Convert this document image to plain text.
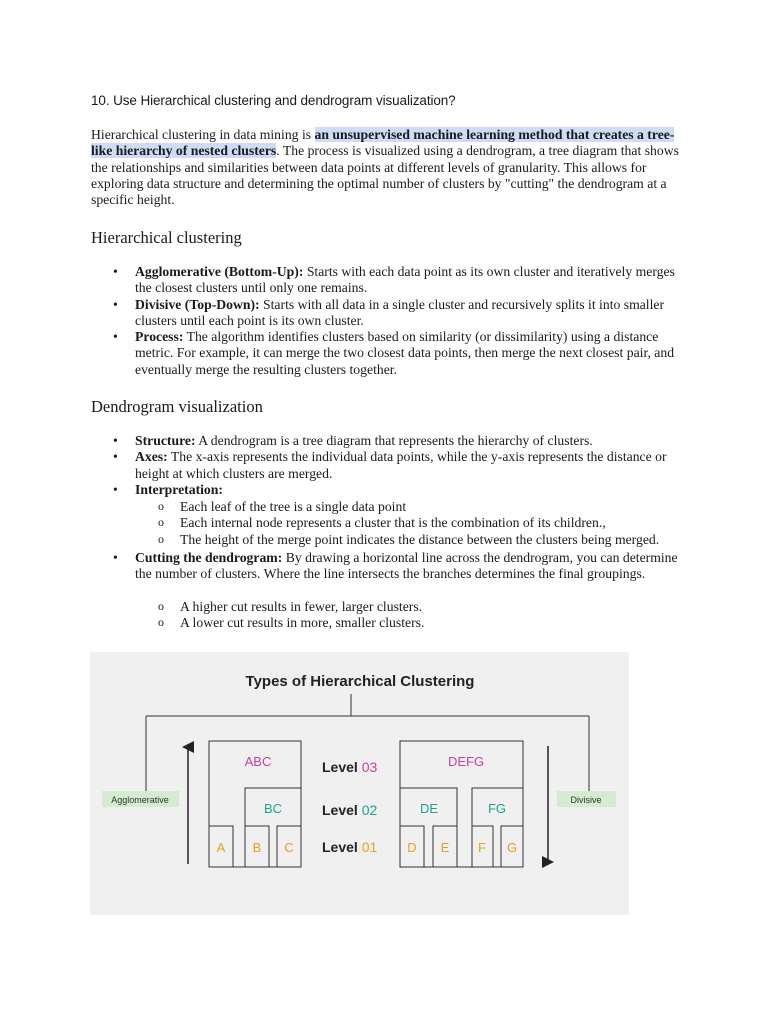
10. Use Hierarchical clustering and dendrogram visualization?
Hierarchical clustering in data mining is an unsupervised machine learning method that creates a tree-like hierarchy of nested clusters. The process is visualized using a dendrogram, a tree diagram that shows the relationships and similarities between data points at different levels of granularity. This allows for exploring data structure and determining the optimal number of clusters by "cutting" the dendrogram at a specific height.
Hierarchical clustering
• Agglomerative (Bottom-Up): Starts with each data point as its own cluster and iteratively merges the closest clusters until only one remains.
• Divisive (Top-Down): Starts with all data in a single cluster and recursively splits it into smaller clusters until each point is its own cluster.
• Process: The algorithm identifies clusters based on similarity (or dissimilarity) using a distance metric. For example, it can merge the two closest data points, then merge the next closest pair, and eventually merge the resulting clusters together.
Dendrogram visualization
• Structure: A dendrogram is a tree diagram that represents the hierarchy of clusters.
• Axes: The x-axis represents the individual data points, while the y-axis represents the distance or height at which clusters are merged.
• Interpretation:
o Each leaf of the tree is a single data point
o Each internal node represents a cluster that is the combination of its children.,
o The height of the merge point indicates the distance between the clusters being merged.
• Cutting the dendrogram: By drawing a horizontal line across the dendrogram, you can determine the number of clusters. Where the line intersects the branches determines the final groupings.
o A higher cut results in fewer, larger clusters.
o A lower cut results in more, smaller clusters.
Types of Hierarchical Clustering
Agglomerative	Divisive
ABC	DEFG
BC	DE	FG
A B C	D E F G
Level 03
Level 02
Level 01
